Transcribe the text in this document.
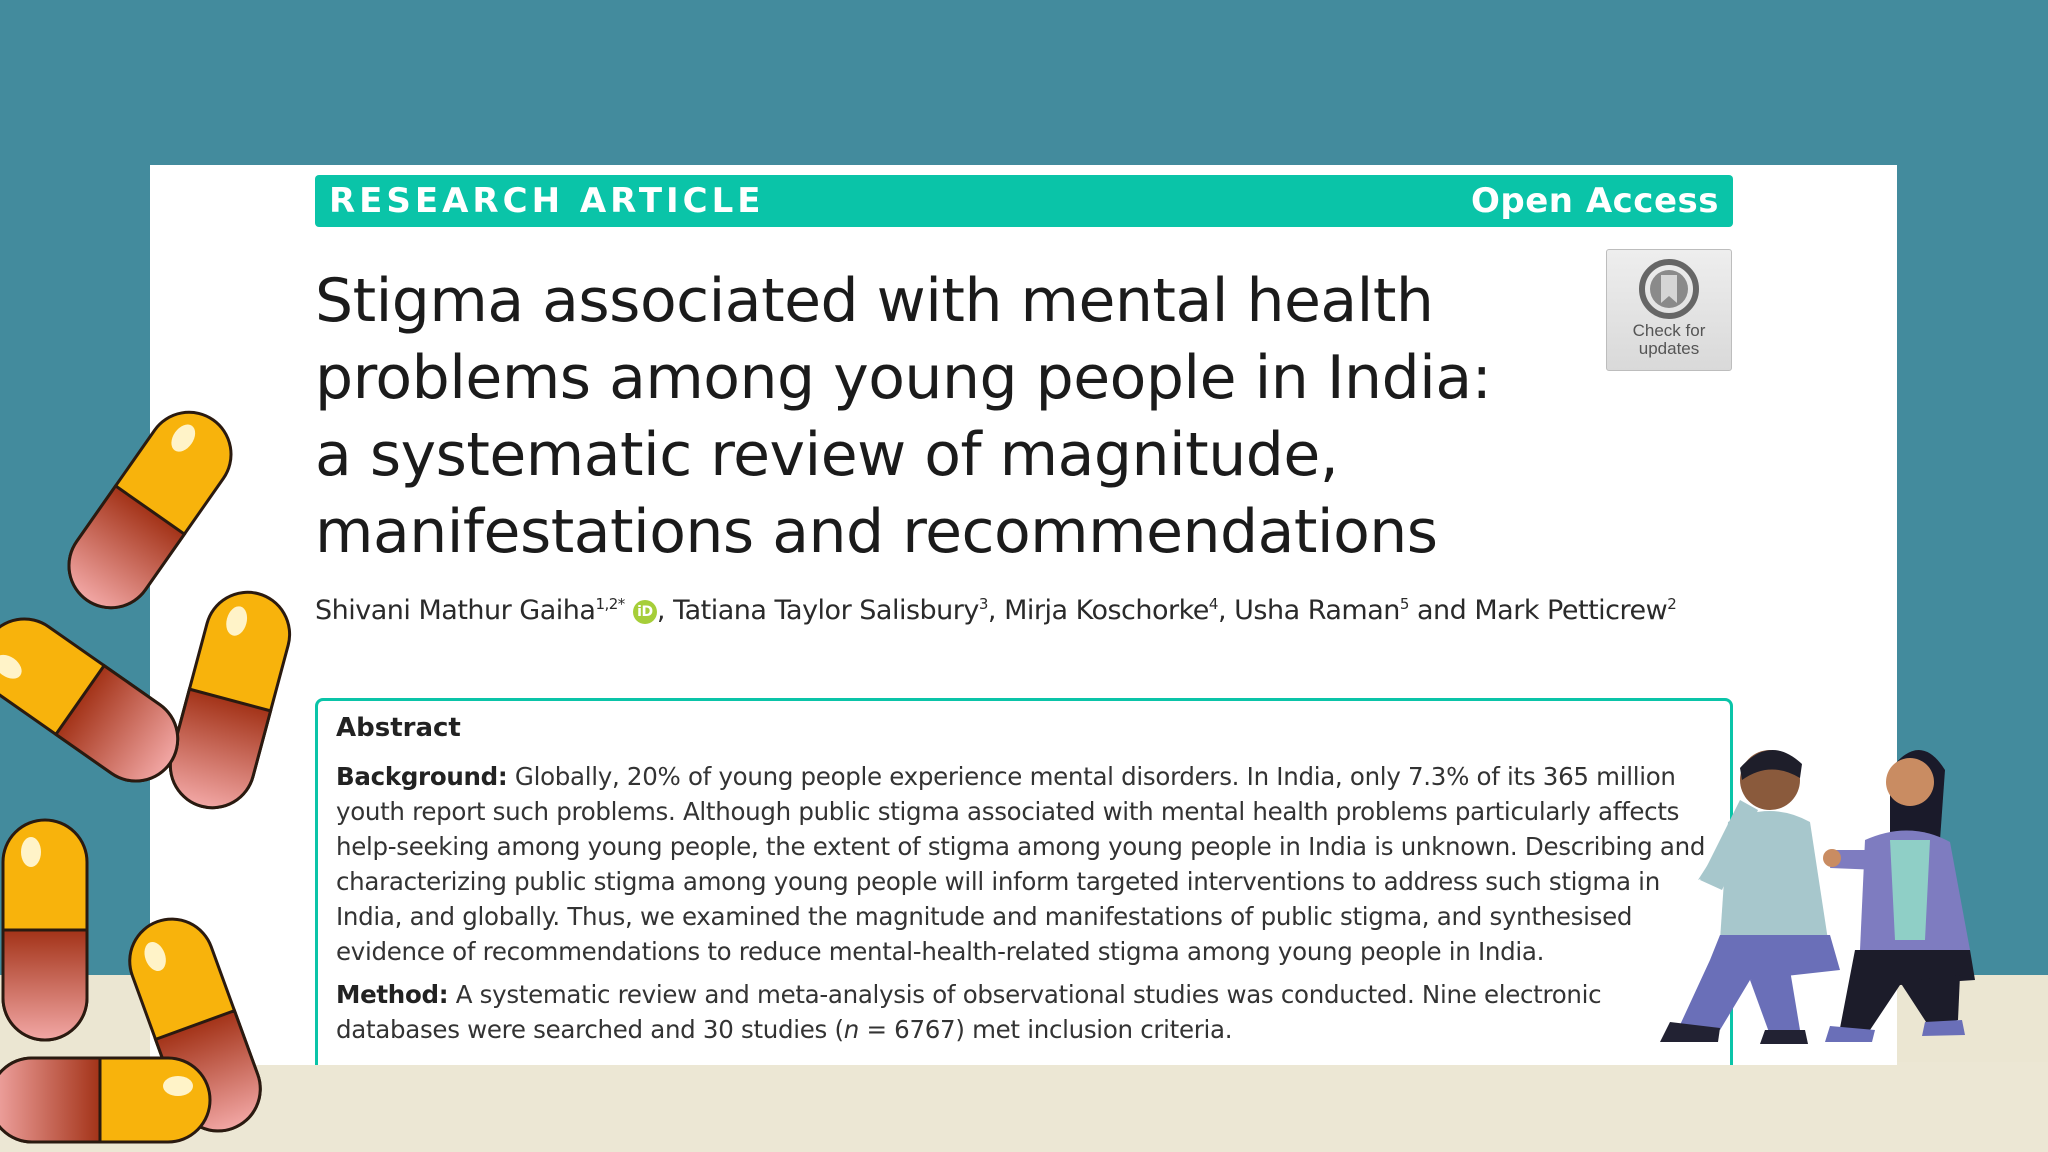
RESEARCH ARTICLE	Open Access
Stigma associated with mental health problems among young people in India: a systematic review of magnitude, manifestations and recommendations
Check for
updates
Shivani Mathur Gaiha$^{1,2*}$ iD , Tatiana Taylor Salisbury$^3$, Mirja Koschorke$^4$, Usha Raman$^5$ and Mark Petticrew$^2$
Abstract

Background: Globally, 20% of young people experience mental disorders. In India, only 7.3% of its 365 million youth report such problems. Although public stigma associated with mental health problems particularly affects help-seeking among young people, the extent of stigma among young people in India is unknown. Describing and characterizing public stigma among young people will inform targeted interventions to address such stigma in India, and globally. Thus, we examined the magnitude and manifestations of public stigma, and synthesised evidence of recommendations to reduce mental-health-related stigma among young people in India.

Method: A systematic review and meta-analysis of observational studies was conducted. Nine electronic databases were searched and 30 studies (n = 6767) met inclusion criteria.
